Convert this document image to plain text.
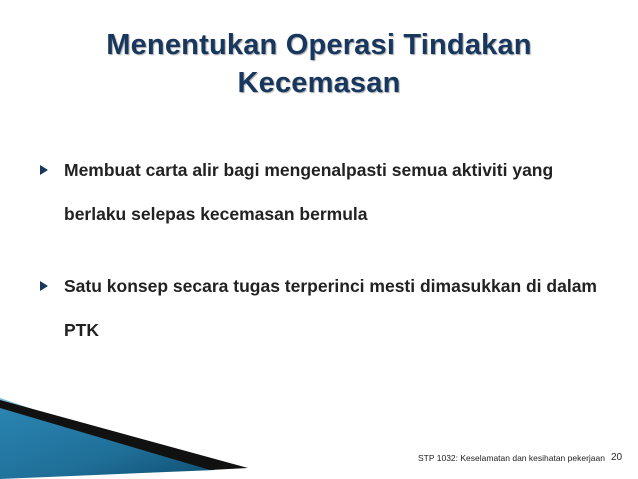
Menentukan Operasi Tindakan
Kecemasan
Membuat carta alir bagi mengenalpasti semua aktiviti yang berlaku selepas kecemasan bermula
Satu konsep secara tugas terperinci mesti dimasukkan di dalam PTK
STP 1032: Keselamatan dan kesihatan pekerjaan 20
